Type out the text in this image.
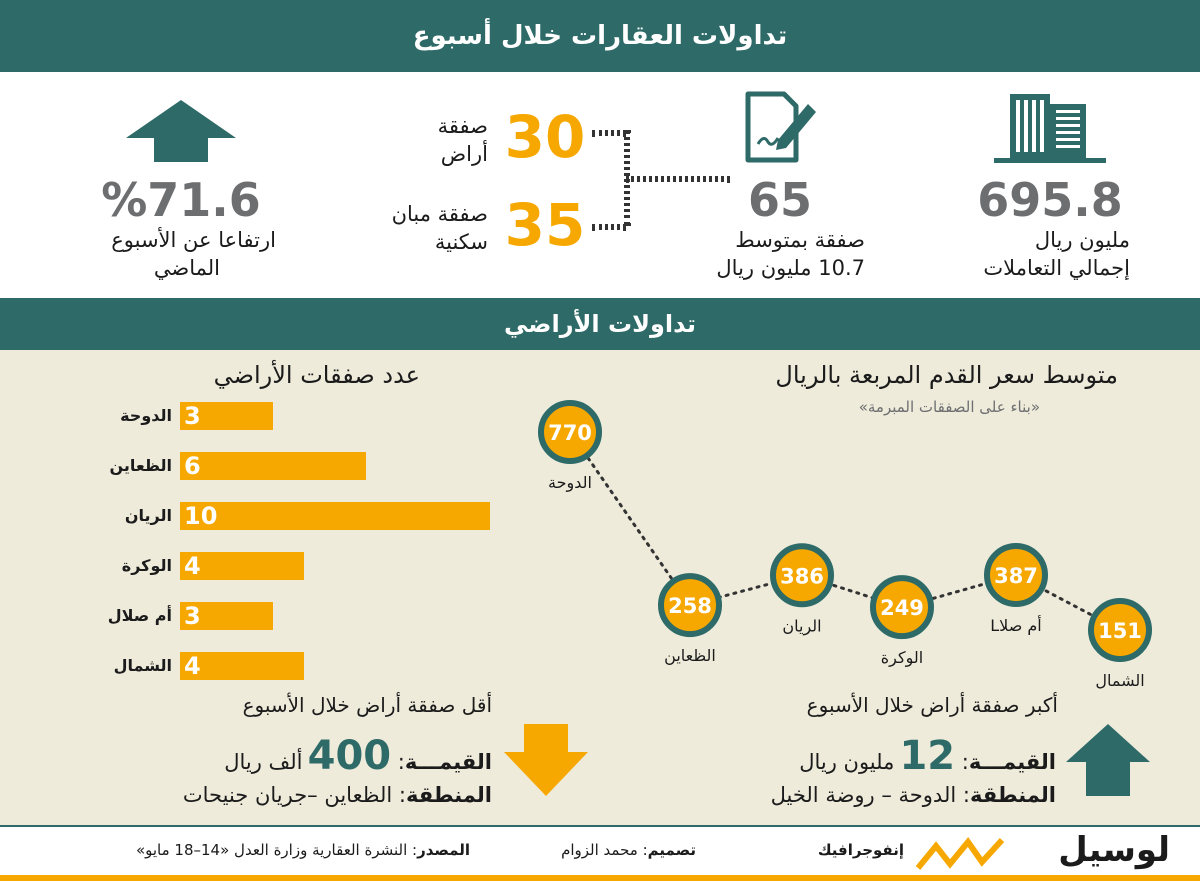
تداولات العقارات خلال أسبوع
695.8
مليون ريال
إجمالي التعاملات
65
صفقة بمتوسط
10.7 مليون ريال
30
صفقة
أراض
35
صفقة مبان
سكنية
%71.6
ارتفاعا عن الأسبوع
الماضي
تداولات الأراضي
متوسط سعر القدم المربعة بالريال
«بناء على الصفقات المبرمة»
770
الدوحة
258
الظعاين
386
الريان
249
الوكرة
387
أم صلاL	151
الشمال
عدد صفقات الأراضي
3
الدوحة
6
الظعاين
10
الريان
4
الوكرة
3
أم صلال
4
الشمال
أقل صفقة أراض خلال الأسبوع
القيمـــة: 400 ألف ريال
المنطقة: الظعاين –جريان جنيحات
أكبر صفقة أراض خلال الأسبوع
القيمـــة: 12 مليون ريال
المنطقة: الدوحة – روضة الخيل
المصدر: النشرة العقارية وزارة العدل «14–18 مايو»	تصميم: محمد الزوام	إنفوجرافيك	لوسيل
